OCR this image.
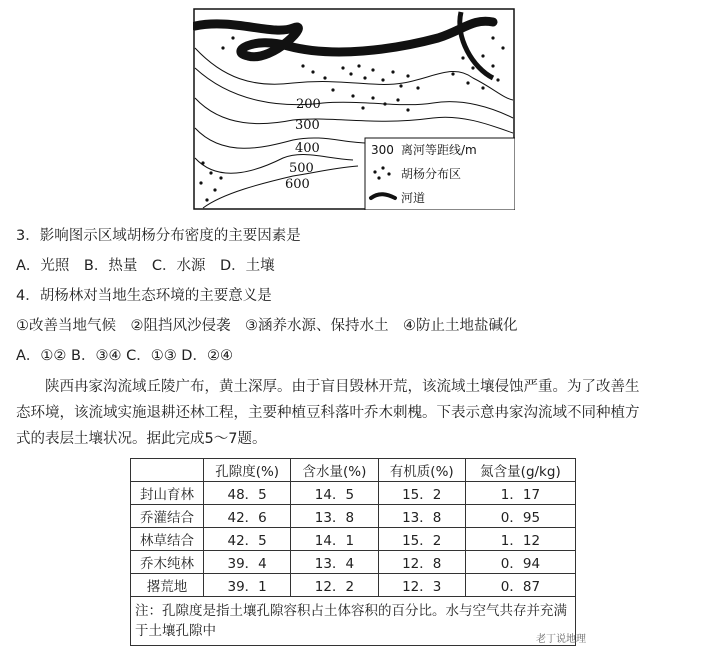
200
300
400
500
600
300 离河等距线/m
胡杨分布区
河道
3．影响图示区域胡杨分布密度的主要因素是
A．光照　B．热量　C．水源　D．土壤
4．胡杨林对当地生态环境的主要意义是
①改善当地气候　②阻挡风沙侵袭　③涵养水源、保持水土　④防止土地盐碱化
A．①② B．③④ C．①③ D．②④

　　陕西冉家沟流域丘陵广布，黄土深厚。由于盲目毁林开荒，该流域土壤侵蚀严重。为了改善生

态环境，该流域实施退耕还林工程，主要种植豆科落叶乔木刺槐。下表示意冉家沟流域不同种植方

式的表层土壤状况。据此完成5～7题。

	孔隙度(%)	含水量(%)	有机质(%)	氮含量(g/kg)
封山育林	48．5	14．5	15．2	1．17
乔灌结合	42．6	13．8	13．8	0．95
林草结合	42．5	14．1	15．2	1．12
乔木纯林	39．4	13．4	12．8	0．94
撂荒地	39．1	12．2	12．3	0．87
注：孔隙度是指土壤孔隙容积占土体容积的百分比。水与空气共存并充满于土壤孔隙中				
老丁说地理
